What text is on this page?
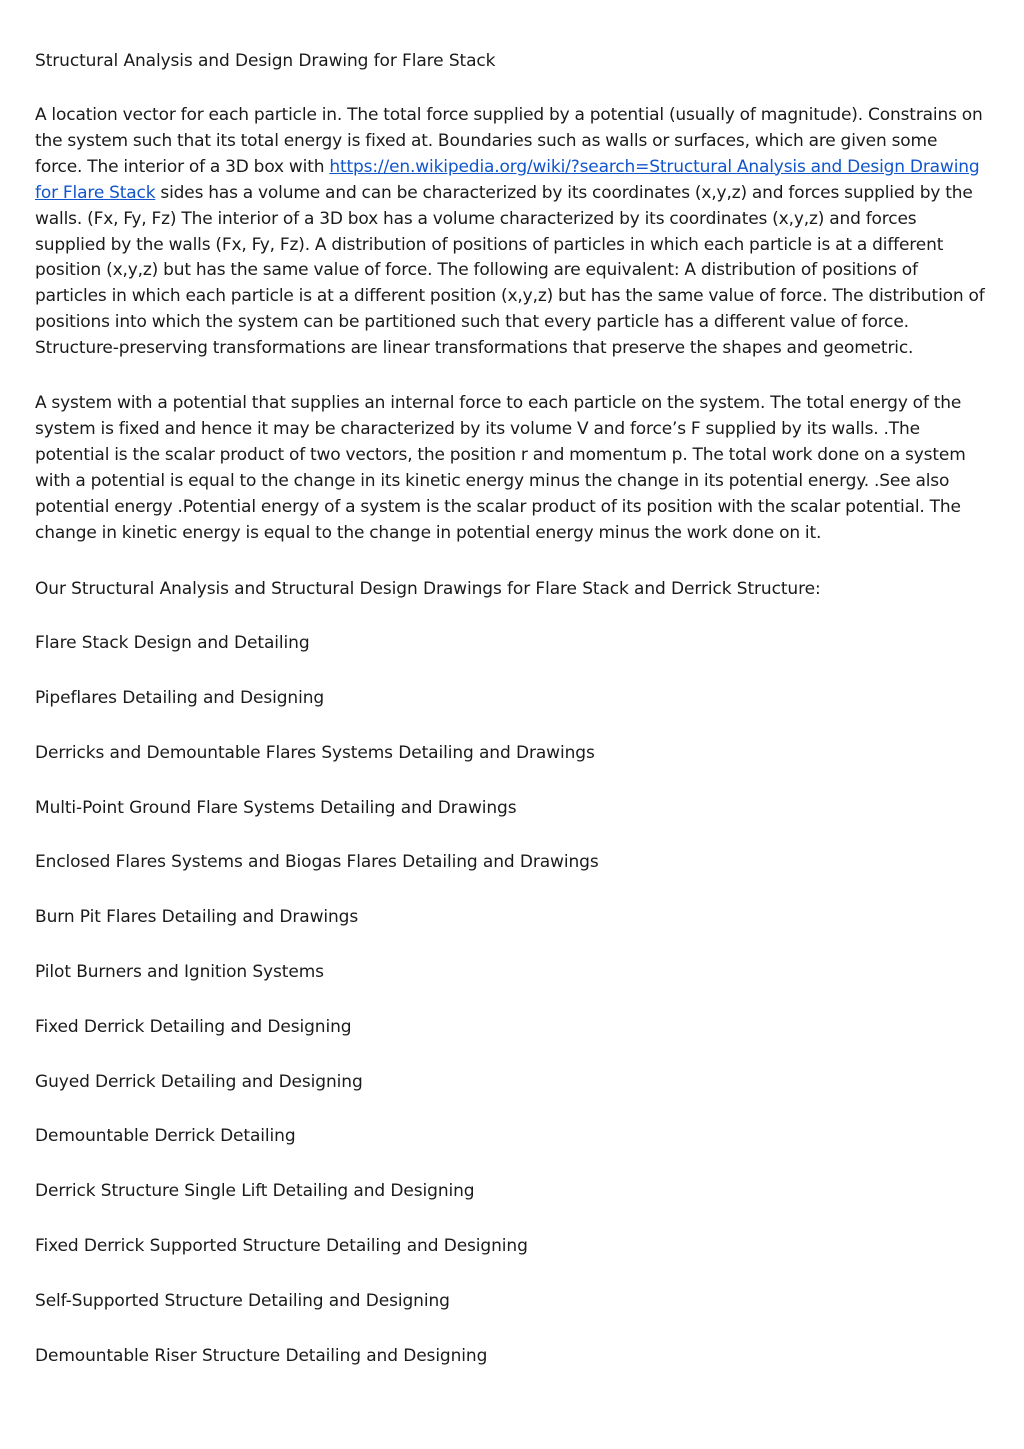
Structural Analysis and Design Drawing for Flare Stack
A location vector for each particle in. The total force supplied by a potential (usually of magnitude). Constrains on the system such that its total energy is fixed at. Boundaries such as walls or surfaces, which are given some force. The interior of a 3D box with https://en.wikipedia.org/wiki/?search=Structural Analysis and Design Drawing for Flare Stack sides has a volume and can be characterized by its coordinates (x,y,z) and forces supplied by the walls. (Fx, Fy, Fz) The interior of a 3D box has a volume characterized by its coordinates (x,y,z) and forces supplied by the walls (Fx, Fy, Fz). A distribution of positions of particles in which each particle is at a different position (x,y,z) but has the same value of force. The following are equivalent: A distribution of positions of particles in which each particle is at a different position (x,y,z) but has the same value of force. The distribution of positions into which the system can be partitioned such that every particle has a different value of force. Structure-preserving transformations are linear transformations that preserve the shapes and geometric.
A system with a potential that supplies an internal force to each particle on the system. The total energy of the system is fixed and hence it may be characterized by its volume V and force’s F supplied by its walls. .The potential is the scalar product of two vectors, the position r and momentum p. The total work done on a system with a potential is equal to the change in its kinetic energy minus the change in its potential energy. .See also potential energy .Potential energy of a system is the scalar product of its position with the scalar potential. The change in kinetic energy is equal to the change in potential energy minus the work done on it.
Our Structural Analysis and Structural Design Drawings for Flare Stack and Derrick Structure:
Flare Stack Design and Detailing
Pipeflares Detailing and Designing
Derricks and Demountable Flares Systems Detailing and Drawings
Multi-Point Ground Flare Systems Detailing and Drawings
Enclosed Flares Systems and Biogas Flares Detailing and Drawings
Burn Pit Flares Detailing and Drawings
Pilot Burners and Ignition Systems
Fixed Derrick Detailing and Designing
Guyed Derrick Detailing and Designing
Demountable Derrick Detailing
Derrick Structure Single Lift Detailing and Designing
Fixed Derrick Supported Structure Detailing and Designing
Self-Supported Structure Detailing and Designing
Demountable Riser Structure Detailing and Designing
